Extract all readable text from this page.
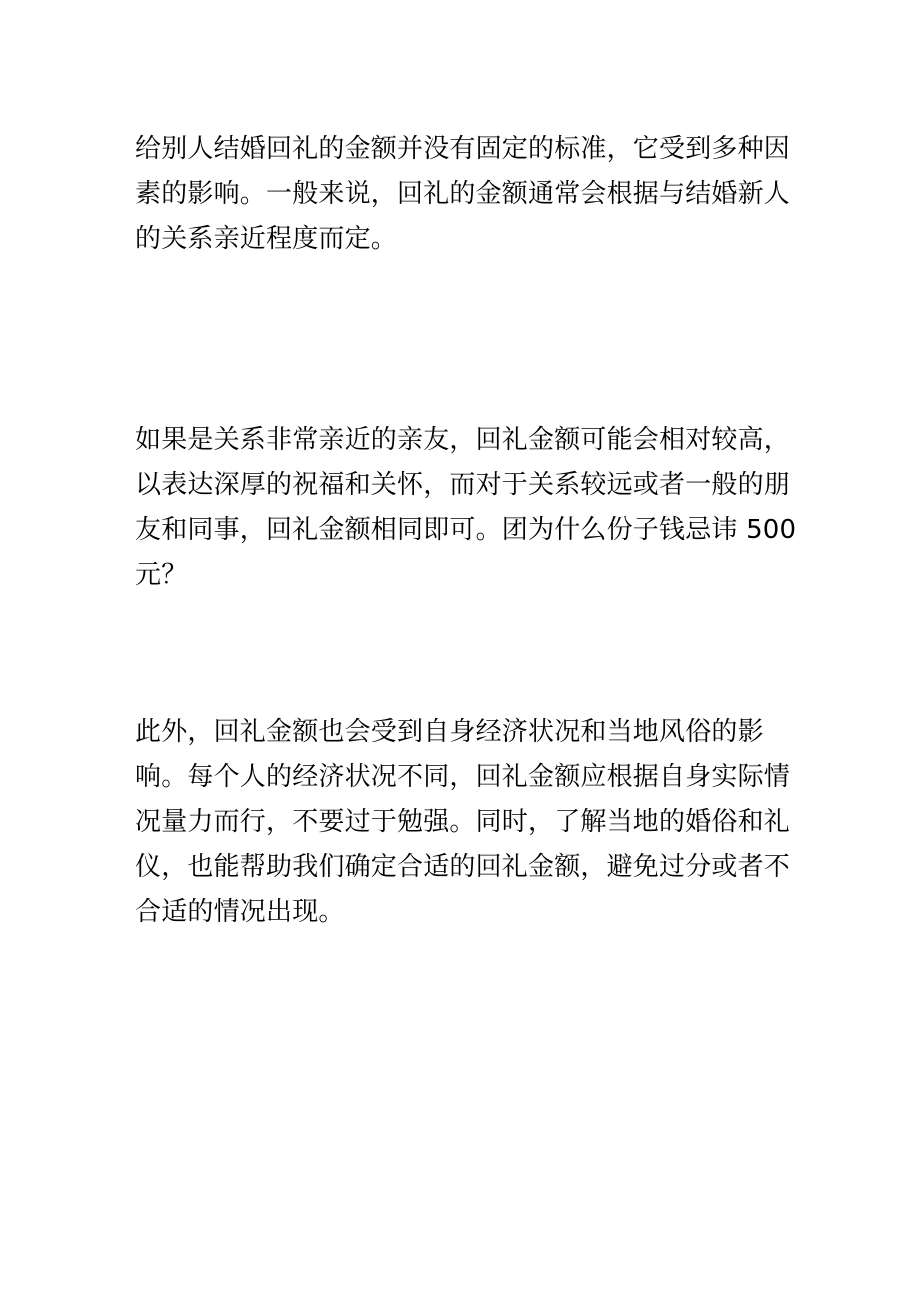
给别人结婚回礼的金额并没有固定的标准，它受到多种因素的影响。一般来说，回礼的金额通常会根据与结婚新人的关系亲近程度而定。

如果是关系非常亲近的亲友，回礼金额可能会相对较高，以表达深厚的祝福和关怀，而对于关系较远或者一般的朋友和同事，回礼金额相同即可。团为什么份子钱忌讳 500 元？

此外，回礼金额也会受到自身经济状况和当地风俗的影响。每个人的经济状况不同，回礼金额应根据自身实际情况量力而行，不要过于勉强。同时，了解当地的婚俗和礼仪，也能帮助我们确定合适的回礼金额，避免过分或者不合适的情况出现。
